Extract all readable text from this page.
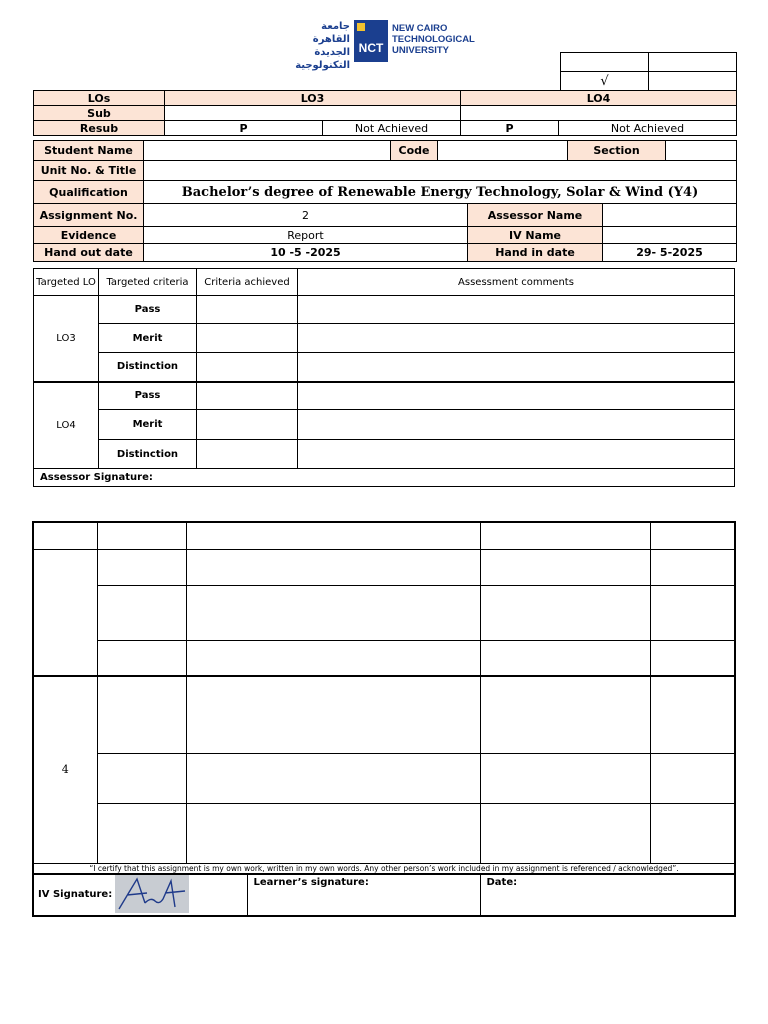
جامعة
القاهرة الجديدة
التكنولوجية
NCT
NEW CAIRO
TECHNOLOGICAL
UNIVERSITY

√	
LOs	LO3		LO4	
Sub				
Resub	P	Not Achieved	P	Not Achieved
Student Name		Code			Section		
Unit No. & Title							
Qualification	Bachelor’s degree of Renewable Energy Technology, Solar & Wind (Y4)						
Assignment No.	2			Assessor Name			
Evidence	Report			IV Name			
Hand out date	10 -5 -2025			Hand in date		29- 5-2025	
Targeted LO	Targeted criteria	Criteria achieved	Assessment comments
LO3	Pass		
	Merit		
	Distinction		
LO4	Pass		
	Merit		
	Distinction		
Assessor Signature:			

4					

“I certify that this assignment is my own work, written in my own words. Any other person’s work included in my assignment is referenced / acknowledged”.					
IV Signature:			Learner’s signature:	Date:	
